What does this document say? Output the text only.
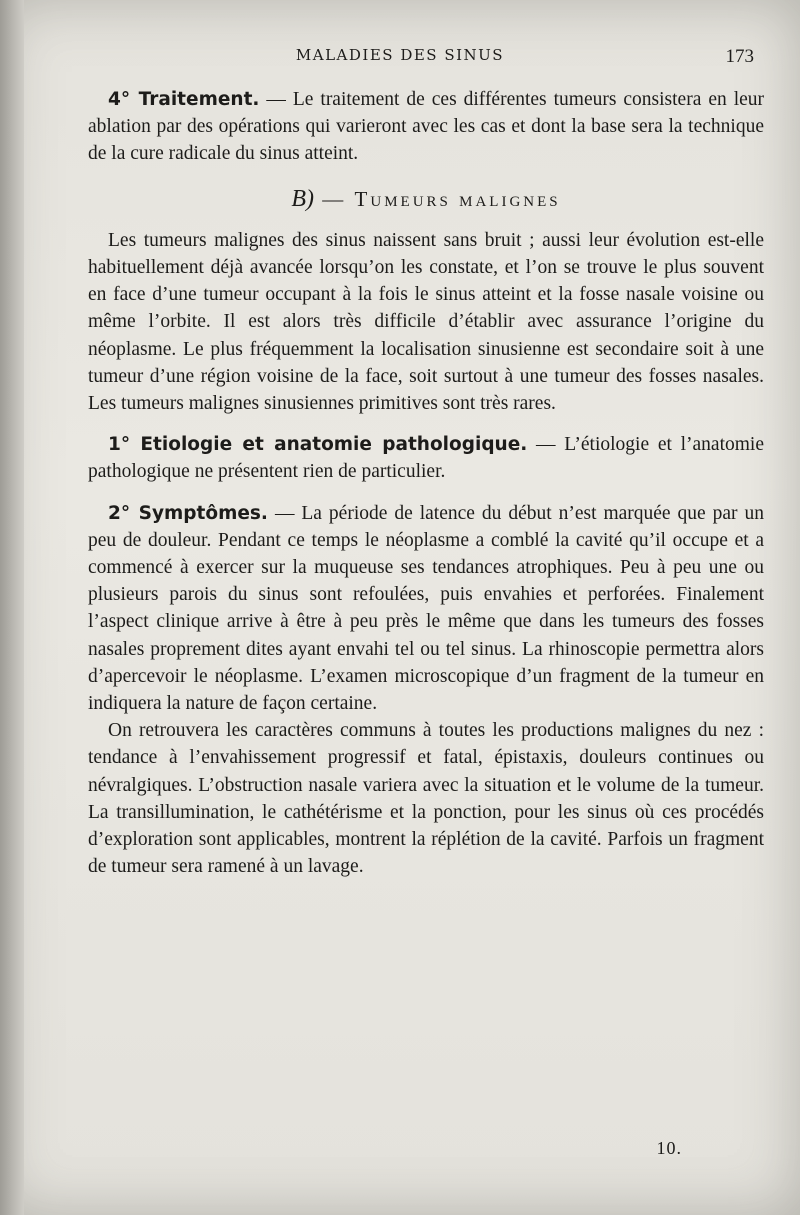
MALADIES DES SINUS	173

4° Traitement. — Le traitement de ces différentes tumeurs consistera en leur ablation par des opérations qui varieront avec les cas et dont la base sera la technique de la cure radicale du sinus atteint.

B) — Tumeurs malignes

Les tumeurs malignes des sinus naissent sans bruit ; aussi leur évolution est-elle habituellement déjà avancée lorsqu’on les constate, et l’on se trouve le plus souvent en face d’une tumeur occupant à la fois le sinus atteint et la fosse nasale voisine ou même l’orbite. Il est alors très difficile d’établir avec assurance l’origine du néoplasme. Le plus fréquemment la localisation sinusienne est secondaire soit à une tumeur d’une région voisine de la face, soit surtout à une tumeur des fosses nasales. Les tumeurs malignes sinusiennes primitives sont très rares.

1° Etiologie et anatomie pathologique. — L’étiologie et l’anatomie pathologique ne présentent rien de particulier.

2° Symptômes. — La période de latence du début n’est marquée que par un peu de douleur. Pendant ce temps le néoplasme a comblé la cavité qu’il occupe et a commencé à exercer sur la muqueuse ses tendances atrophiques. Peu à peu une ou plusieurs parois du sinus sont refoulées, puis envahies et perforées. Finalement l’aspect clinique arrive à être à peu près le même que dans les tumeurs des fosses nasales proprement dites ayant envahi tel ou tel sinus. La rhinoscopie permettra alors d’apercevoir le néoplasme. L’examen microscopique d’un fragment de la tumeur en indiquera la nature de façon certaine.

On retrouvera les caractères communs à toutes les productions malignes du nez : tendance à l’envahissement progressif et fatal, épistaxis, douleurs continues ou névralgiques. L’obstruction nasale variera avec la situation et le volume de la tumeur. La transillumination, le cathétérisme et la ponction, pour les sinus où ces procédés d’exploration sont applicables, montrent la réplétion de la cavité. Parfois un fragment de tumeur sera ramené à un lavage.

10.
